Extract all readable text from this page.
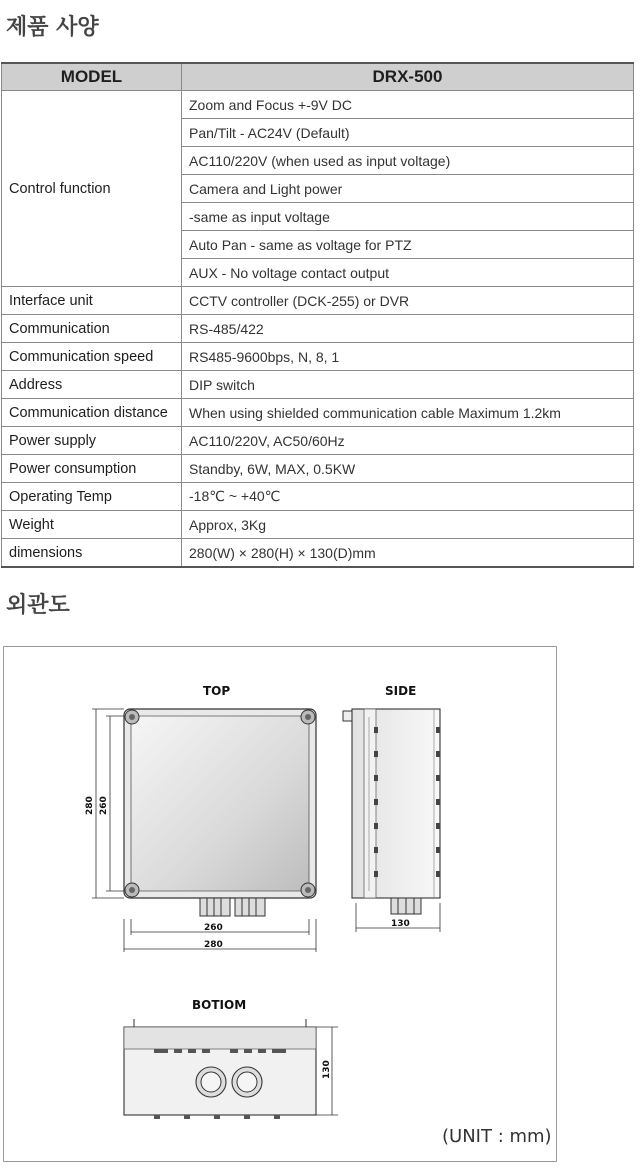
제품 사양
MODEL	DRX-500
Control function	Zoom and Focus +-9V DC
	Pan/Tilt - AC24V (Default)
	AC110/220V (when used as input voltage)
	Camera and Light power
	-same as input voltage
	Auto Pan - same as voltage for PTZ
	AUX - No voltage contact output
Interface unit	CCTV controller (DCK-255) or DVR
Communication	RS-485/422
Communication speed	RS485-9600bps, N, 8, 1
Address	DIP switch
Communication distance	When using shielded communication cable Maximum 1.2km
Power supply	AC110/220V, AC50/60Hz
Power consumption	Standby, 6W, MAX, 0.5KW
Operating Temp	-18℃ ~ +40℃
Weight	Approx, 3Kg
dimensions	280(W) × 280(H) × 130(D)mm
외관도
TOP
280 260
260
280
SIDE
130
BOTIOM
130
(UNIT : mm)
